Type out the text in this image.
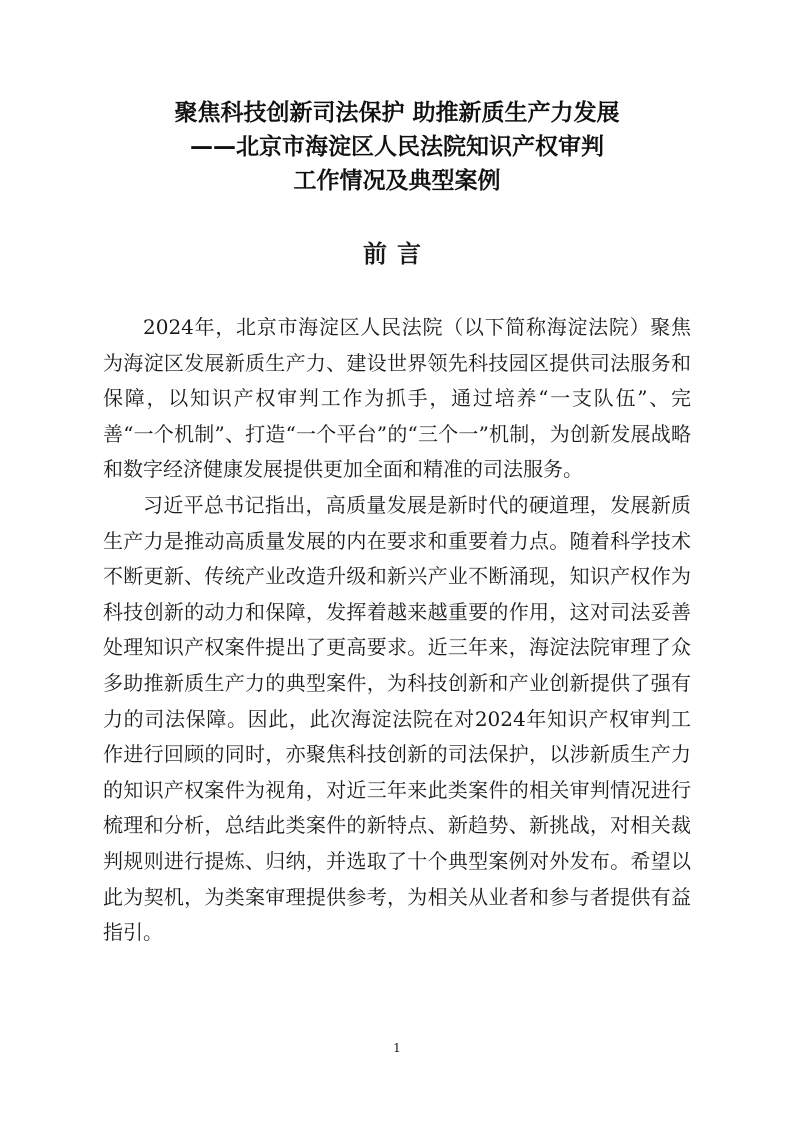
聚焦科技创新司法保护 助推新质生产力发展
——北京市海淀区人民法院知识产权审判
工作情况及典型案例
前言

2024年，北京市海淀区人民法院（以下简称海淀法院）聚焦为海淀区发展新质生产力、建设世界领先科技园区提供司法服务和保障，以知识产权审判工作为抓手，通过培养“一支队伍”、完善“一个机制”、打造“一个平台”的“三个一”机制，为创新发展战略和数字经济健康发展提供更加全面和精准的司法服务。

习近平总书记指出，高质量发展是新时代的硬道理，发展新质生产力是推动高质量发展的内在要求和重要着力点。随着科学技术不断更新、传统产业改造升级和新兴产业不断涌现，知识产权作为科技创新的动力和保障，发挥着越来越重要的作用，这对司法妥善处理知识产权案件提出了更高要求。近三年来，海淀法院审理了众多助推新质生产力的典型案件，为科技创新和产业创新提供了强有力的司法保障。因此，此次海淀法院在对2024年知识产权审判工作进行回顾的同时，亦聚焦科技创新的司法保护，以涉新质生产力的知识产权案件为视角，对近三年来此类案件的相关审判情况进行梳理和分析，总结此类案件的新特点、新趋势、新挑战，对相关裁判规则进行提炼、归纳，并选取了十个典型案例对外发布。希望以此为契机，为类案审理提供参考，为相关从业者和参与者提供有益指引。

1
